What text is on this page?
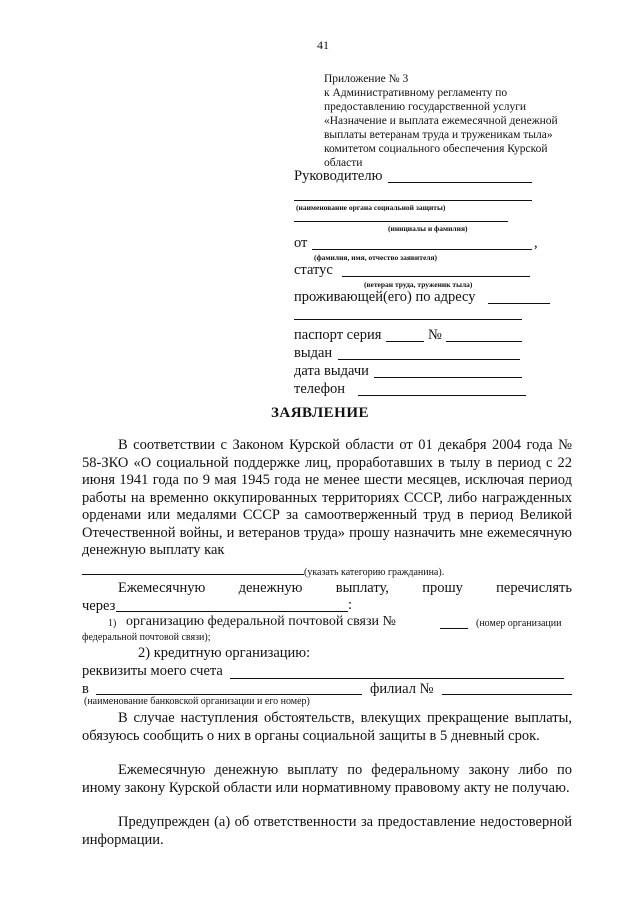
41
Приложение № 3
к Административному регламенту по
предоставлению государственной услуги
«Назначение и выплата ежемесячной денежной
выплаты ветеранам труда и труженикам тыла»
комитетом социального обеспечения Курской
области
Руководителю
(наименование органа социальной защиты)
(инициалы и фамилия)
от	,
(фамилия, имя, отчество заявителя)
статус
(ветеран труда, труженик тыла)
проживающей(его) по адресу
паспорт серия	№
выдан
дата выдачи
телефон
ЗАЯВЛЕНИЕ
В соответствии с Законом Курской области от 01 декабря 2004 года № 58-ЗКО «О социальной поддержке лиц, проработавших в тылу в период с 22 июня 1941 года по 9 мая 1945 года не менее шести месяцев, исключая период работы на временно оккупированных территориях СССР, либо награжденных орденами или медалями СССР за самоотверженный труд в период Великой Отечественной войны, и ветеранов труда» прошу назначить мне ежемесячную денежную выплату как
(указать категорию гражданина).
Ежемесячную денежную выплату, прошу перечислять
через	:
1) организацию федеральной почтовой связи №	(номер организации
федеральной почтовой связи);
2) кредитную организацию:
реквизиты моего счета
в	филиал №
(наименование банковской организации и его номер)
В случае наступления обстоятельств, влекущих прекращение выплаты, обязуюсь сообщить о них в органы социальной защиты в 5 дневный срок.
Ежемесячную денежную выплату по федеральному закону либо по иному закону Курской области или нормативному правовому акту не получаю.
Предупрежден (а) об ответственности за предоставление недостоверной информации.
